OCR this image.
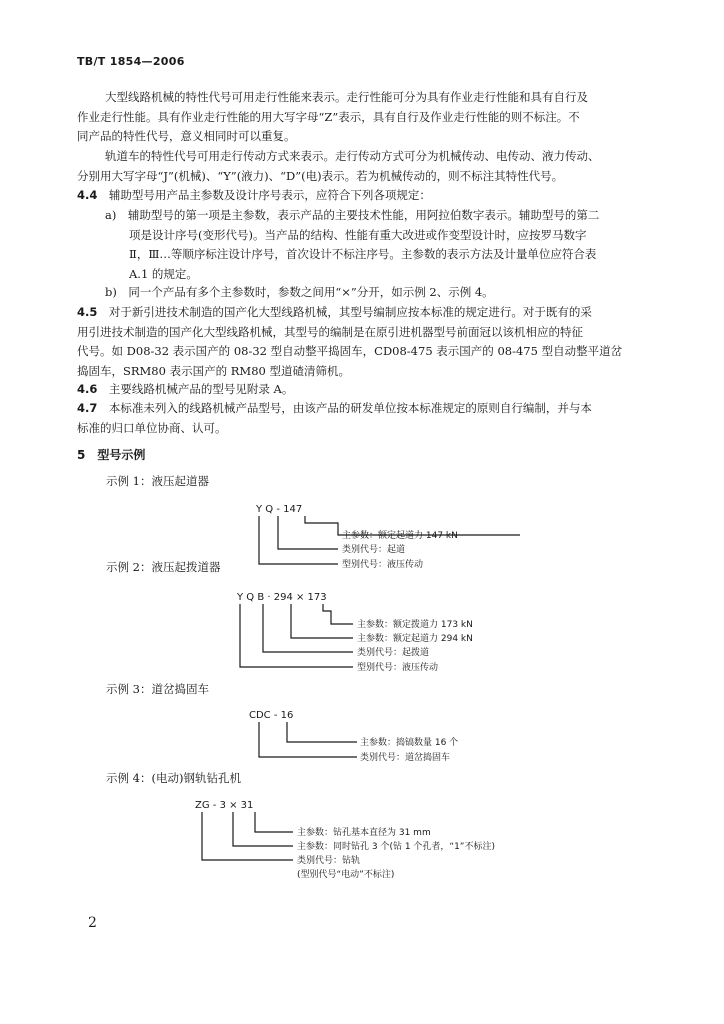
TB/T 1854—2006
大型线路机械的特性代号可用走行性能来表示。走行性能可分为具有作业走行性能和具有自行及
作业走行性能。具有作业走行性能的用大写字母“Z”表示，具有自行及作业走行性能的则不标注。不
同产品的特性代号，意义相同时可以重复。
轨道车的特性代号可用走行传动方式来表示。走行传动方式可分为机械传动、电传动、液力传动、
分别用大写字母“J”(机械)、“Y”(液力)、“D”(电)表示。若为机械传动的，则不标注其特性代号。
4.4　 辅助型号用产品主参数及设计序号表示，应符合下列各项规定：
a)　辅助型号的第一项是主参数，表示产品的主要技术性能，用阿拉伯数字表示。辅助型号的第二
项是设计序号(变形代号)。当产品的结构、性能有重大改进或作变型设计时，应按罗马数字
Ⅱ，Ⅲ…等顺序标注设计序号，首次设计不标注序号。主参数的表示方法及计量单位应符合表
A.1 的规定。
b)　同一个产品有多个主参数时，参数之间用“×”分开，如示例 2、示例 4。
4.5　 对于新引进技术制造的国产化大型线路机械，其型号编制应按本标准的规定进行。对于既有的采
用引进技术制造的国产化大型线路机械，其型号的编制是在原引进机器型号前面冠以该机相应的特征
代号。如 D08-32 表示国产的 08-32 型自动整平捣固车，CD08-475 表示国产的 08-475 型自动整平道岔
捣固车，SRM80 表示国产的 RM80 型道碴清筛机。
4.6　 主要线路机械产品的型号见附录 A。
4.7　 本标准未列入的线路机械产品型号，由该产品的研发单位按本标准规定的原则自行编制，并与本
标准的归口单位协商、认可。
5　 型号示例
示例 1：液压起道器
Y Q - 147
主参数：额定起道力 147 kN
类别代号：起道
型别代号：液压传动
示例 2：液压起拨道器
Y Q B · 294 × 173
主参数：额定拨道力 173 kN
主参数：额定起道力 294 kN
类别代号：起拨道
型别代号：液压传动
示例 3：道岔捣固车
CDC - 16
主参数：捣镐数量 16 个
类别代号：道岔捣固车
示例 4：(电动)钢轨钻孔机
ZG - 3 × 31
主参数：钻孔基本直径为 31 mm
主参数：同时钻孔 3 个(钻 1 个孔者，“1”不标注)
类别代号：钻轨
(型别代号“电动”不标注)
2
